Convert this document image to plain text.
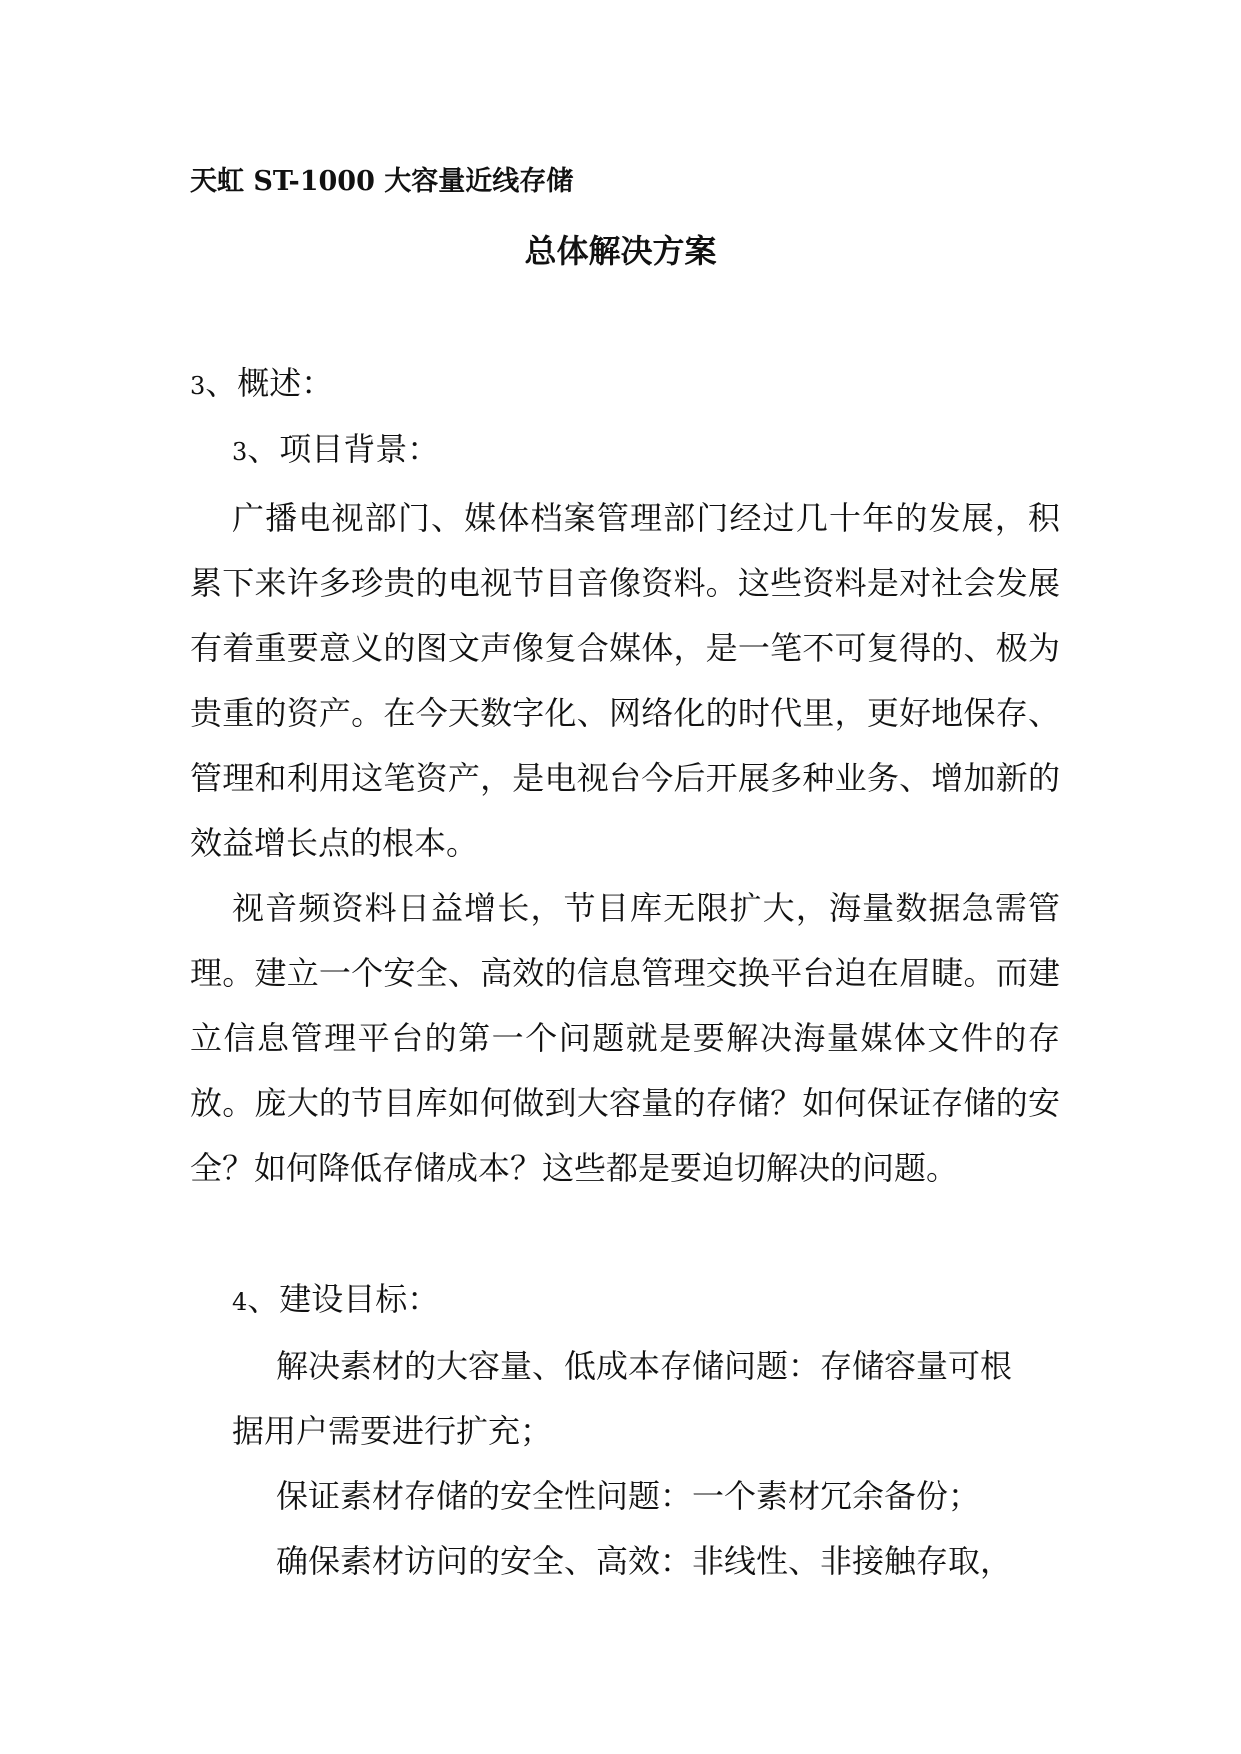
天虹 ST-1000 大容量近线存储
总体解决方案
3、概述：
3、项目背景：
广播电视部门、媒体档案管理部门经过几十年的发展，积累下来许多珍贵的电视节目音像资料。这些资料是对社会发展有着重要意义的图文声像复合媒体，是一笔不可复得的、极为贵重的资产。在今天数字化、网络化的时代里，更好地保存、管理和利用这笔资产，是电视台今后开展多种业务、增加新的效益增长点的根本。
视音频资料日益增长，节目库无限扩大，海量数据急需管理。建立一个安全、高效的信息管理交换平台迫在眉睫。而建立信息管理平台的第一个问题就是要解决海量媒体文件的存放。庞大的节目库如何做到大容量的存储？如何保证存储的安全？如何降低存储成本？这些都是要迫切解决的问题。
4、建设目标：
解决素材的大容量、低成本存储问题：存储容量可根
据用户需要进行扩充；
保证素材存储的安全性问题：一个素材冗余备份；
确保素材访问的安全、高效：非线性、非接触存取，
